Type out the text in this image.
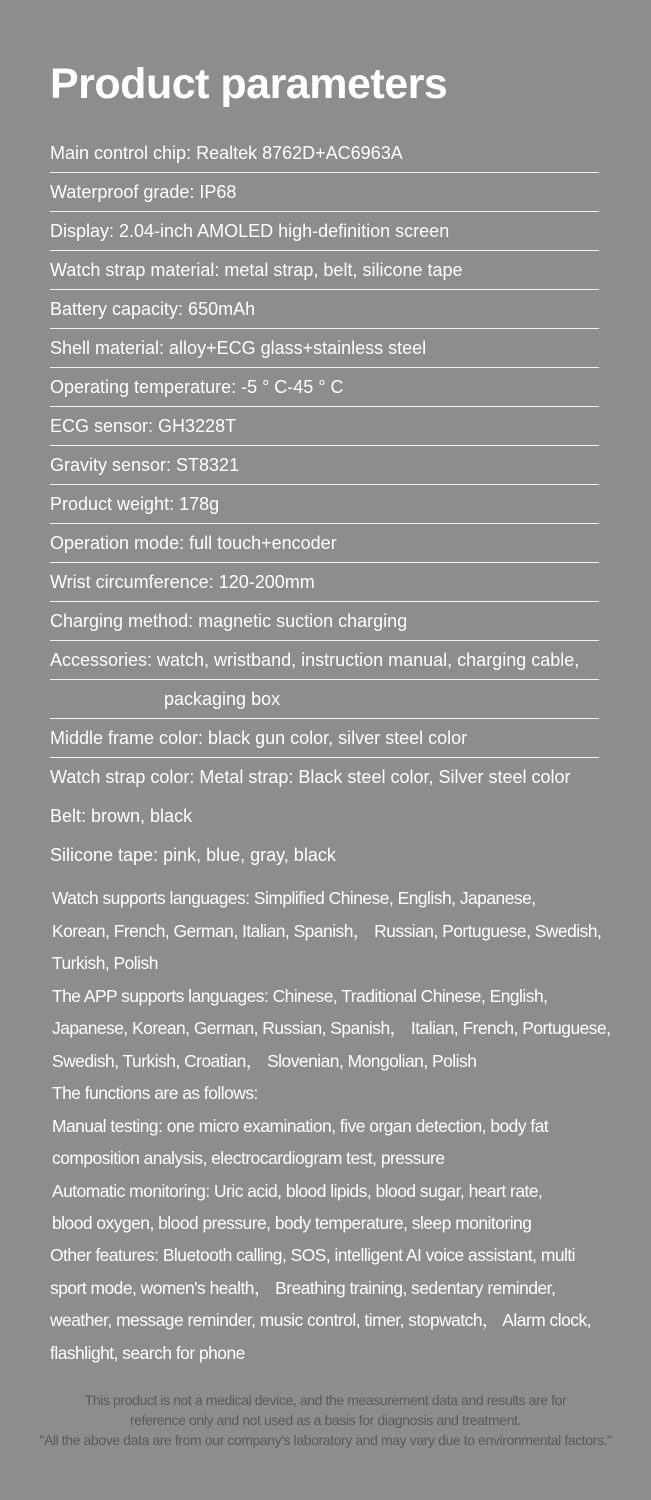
Product parameters
Main control chip: Realtek 8762D+AC6963A
Waterproof grade: IP68
Display: 2.04-inch AMOLED high-definition screen
Watch strap material: metal strap, belt, silicone tape
Battery capacity: 650mAh
Shell material: alloy+ECG glass+stainless steel
Operating temperature: -5 ° C-45 ° C
ECG sensor: GH3228T
Gravity sensor: ST8321
Product weight: 178g
Operation mode: full touch+encoder
Wrist circumference: 120-200mm
Charging method: magnetic suction charging
Accessories: watch, wristband, instruction manual, charging cable,
packaging box
Middle frame color: black gun color, silver steel color
Watch strap color: Metal strap: Black steel color, Silver steel color
Belt: brown, black
Silicone tape: pink, blue, gray, black
Watch supports languages: Simplified Chinese, English, Japanese,
Korean, French, German, Italian, Spanish， Russian, Portuguese, Swedish,
Turkish, Polish
The APP supports languages: Chinese, Traditional Chinese, English,
Japanese, Korean, German, Russian, Spanish， Italian, French, Portuguese,
Swedish, Turkish, Croatian， Slovenian, Mongolian, Polish
The functions are as follows:
Manual testing: one micro examination, five organ detection, body fat
composition analysis, electrocardiogram test, pressure
Automatic monitoring: Uric acid, blood lipids, blood sugar, heart rate,
blood oxygen, blood pressure, body temperature, sleep monitoring
Other features: Bluetooth calling, SOS, intelligent AI voice assistant, multi
sport mode, women's health， Breathing training, sedentary reminder,
weather, message reminder, music control, timer, stopwatch， Alarm clock,
flashlight, search for phone
This product is not a medical device, and the measurement data and results are for
reference only and not used as a basis for diagnosis and treatment.
"All the above data are from our company's laboratory and may vary due to environmental factors."
